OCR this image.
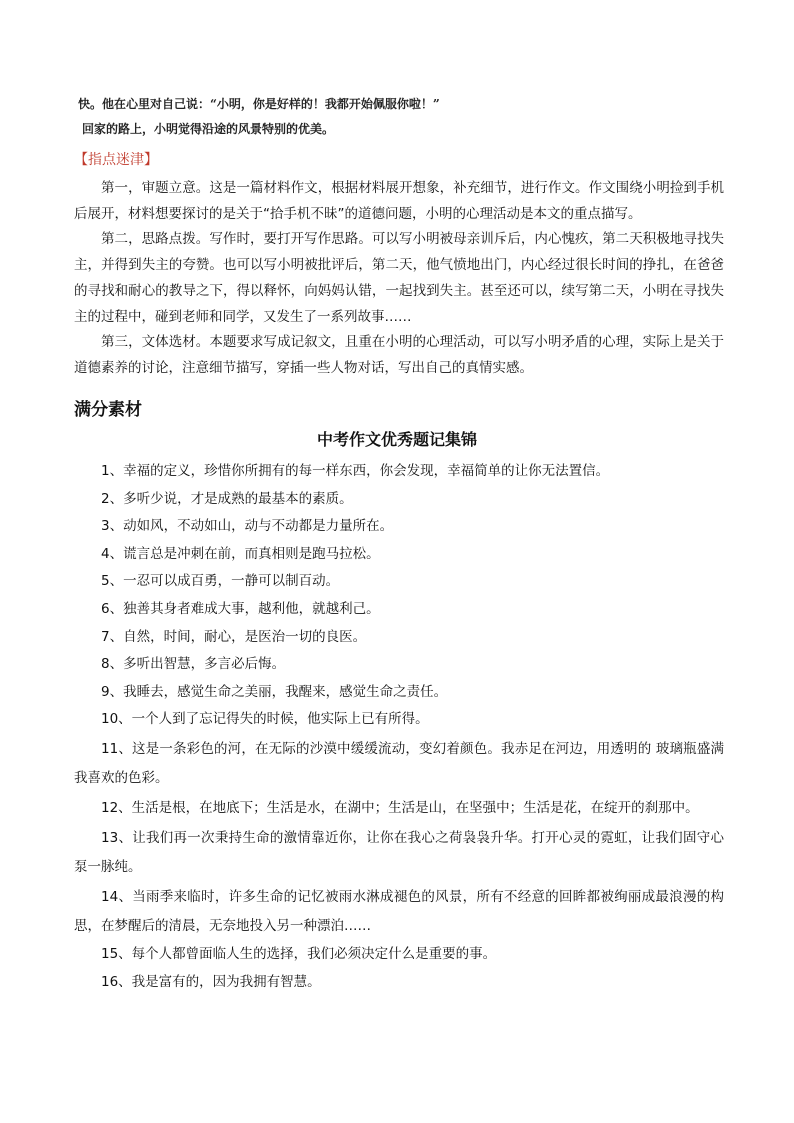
快。他在心里对自己说：“小明，你是好样的！我都开始佩服你啦！”
回家的路上，小明觉得沿途的风景特别的优美。
【指点迷津】

第一，审题立意。这是一篇材料作文，根据材料展开想象，补充细节，进行作文。作文围绕小明捡到手机后展开，材料想要探讨的是关于“拾手机不昧”的道德问题，小明的心理活动是本文的重点描写。

第二，思路点拨。写作时，要打开写作思路。可以写小明被母亲训斥后，内心愧疚，第二天积极地寻找失主，并得到失主的夸赞。也可以写小明被批评后，第二天，他气愤地出门，内心经过很长时间的挣扎，在爸爸的寻找和耐心的教导之下，得以释怀，向妈妈认错，一起找到失主。甚至还可以，续写第二天，小明在寻找失主的过程中，碰到老师和同学，又发生了一系列故事……

第三，文体选材。本题要求写成记叙文，且重在小明的心理活动，可以写小明矛盾的心理，实际上是关于道德素养的讨论，注意细节描写，穿插一些人物对话，写出自己的真情实感。

满分素材
中考作文优秀题记集锦
1、幸福的定义，珍惜你所拥有的每一样东西，你会发现，幸福简单的让你无法置信。
2、多听少说，才是成熟的最基本的素质。
3、动如风，不动如山，动与不动都是力量所在。
4、谎言总是冲刺在前，而真相则是跑马拉松。
5、一忍可以成百勇，一静可以制百动。
6、独善其身者难成大事，越利他，就越利己。
7、自然，时间，耐心，是医治一切的良医。
8、多听出智慧，多言必后悔。
9、我睡去，感觉生命之美丽，我醒来，感觉生命之责任。
10、一个人到了忘记得失的时候，他实际上已有所得。
11、这是一条彩色的河，在无际的沙漠中缓缓流动，变幻着颜色。我赤足在河边，用透明的 玻璃瓶盛满我喜欢的色彩。
12、生活是根，在地底下；生活是水，在湖中；生活是山，在坚强中；生活是花，在绽开的刹那中。
13、让我们再一次秉持生命的激情靠近你，让你在我心之荷袅袅升华。打开心灵的霓虹，让我们固守心泵一脉纯。
14、当雨季来临时，许多生命的记忆被雨水淋成褪色的风景，所有不经意的回眸都被绚丽成最浪漫的构思，在梦醒后的清晨，无奈地投入另一种漂泊……
15、每个人都曾面临人生的选择，我们必须决定什么是重要的事。
16、我是富有的，因为我拥有智慧。
